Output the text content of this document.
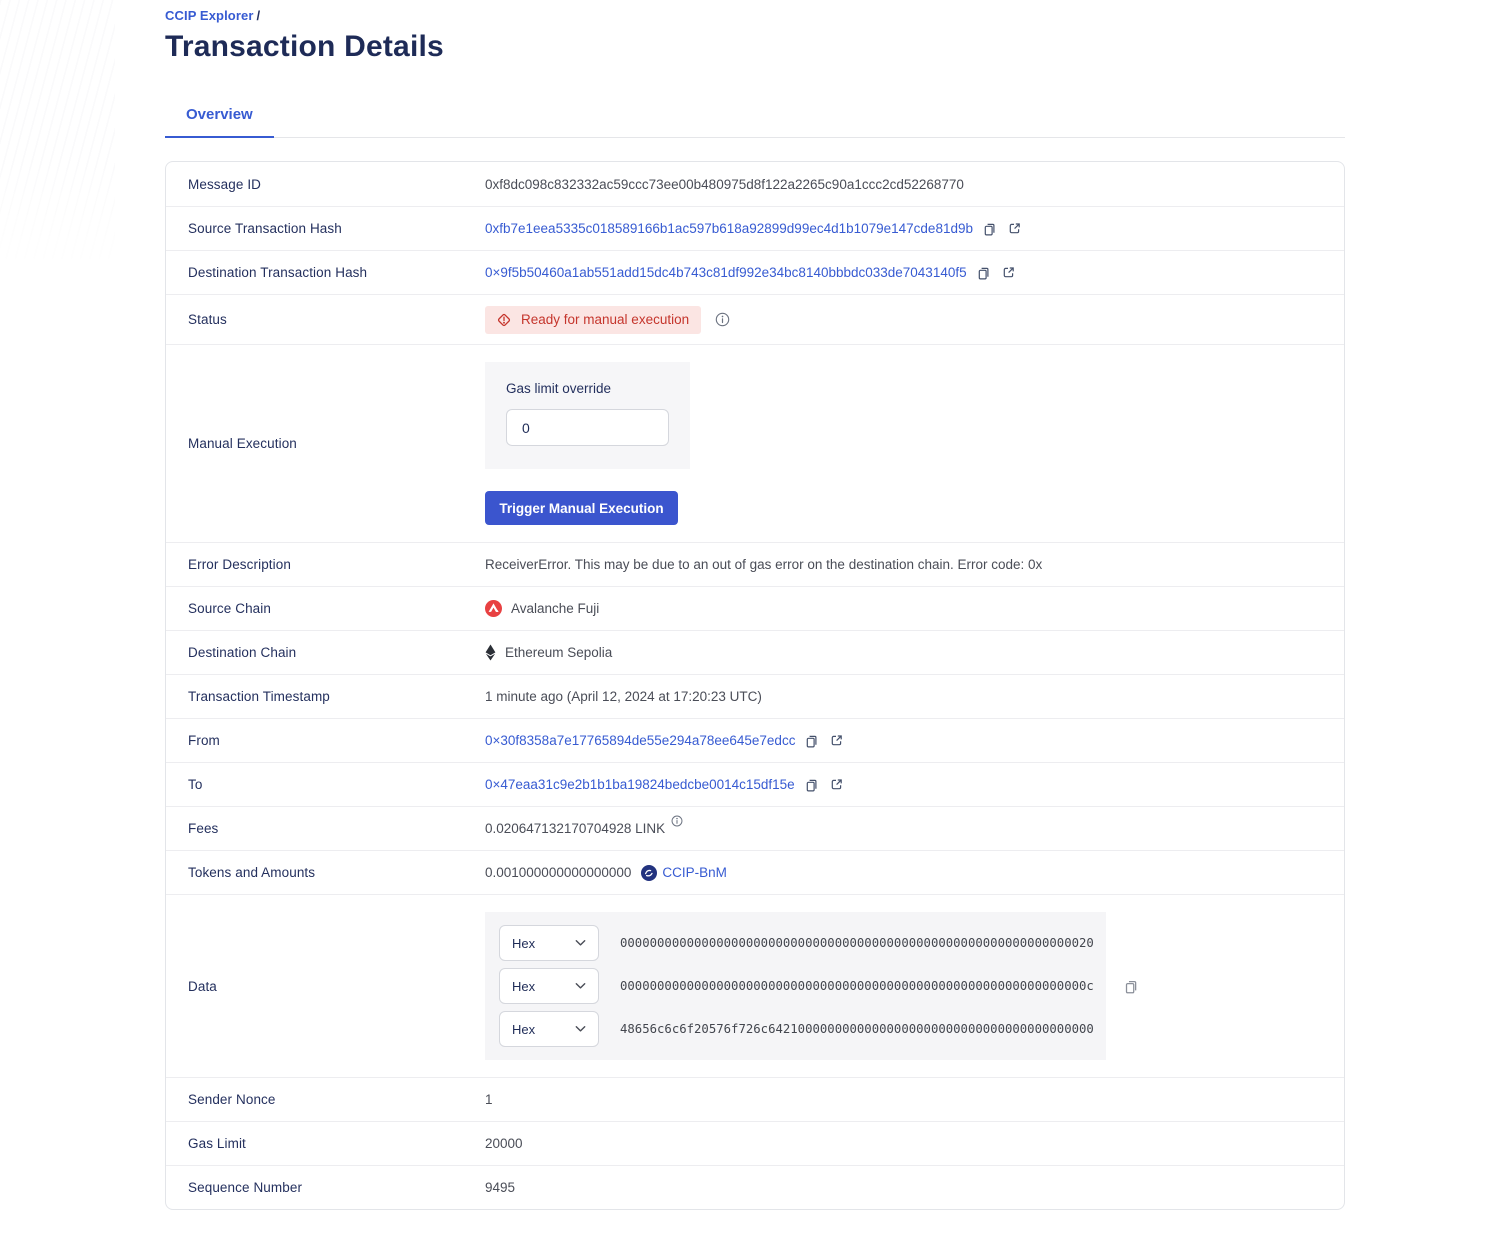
CCIP Explorer /
Transaction Details
Overview
Message ID	0xf8dc098c832332ac59ccc73ee00b480975d8f122a2265c90a1ccc2cd52268770
Source Transaction Hash	0xfb7e1eea5335c018589166b1ac597b618a92899d99ec4d1b1079e147cde81d9b
Destination Transaction Hash	0×9f5b50460a1ab551add15dc4b743c81df992e34bc8140bbbdc033de7043140f5
Status	Ready for manual execution
Manual Execution
Gas limit override
0
Trigger Manual Execution
Error Description	ReceiverError. This may be due to an out of gas error on the destination chain. Error code: 0x
Source Chain	Avalanche Fuji
Destination Chain	Ethereum Sepolia
Transaction Timestamp	1 minute ago (April 12, 2024 at 17:20:23 UTC)
From	0×30f8358a7e17765894de55e294a78ee645e7edcc
To	0×47eaa31c9e2b1b1ba19824bedcbe0014c15df15e
Fees	0.020647132170704928 LINK
Tokens and Amounts	0.001000000000000000 CCIP-BnM
Data
Hex	0000000000000000000000000000000000000000000000000000000000000020
Hex	000000000000000000000000000000000000000000000000000000000000000c
Hex	48656c6c6f20576f726c64210000000000000000000000000000000000000000
Sender Nonce	1
Gas Limit	20000
Sequence Number	9495
